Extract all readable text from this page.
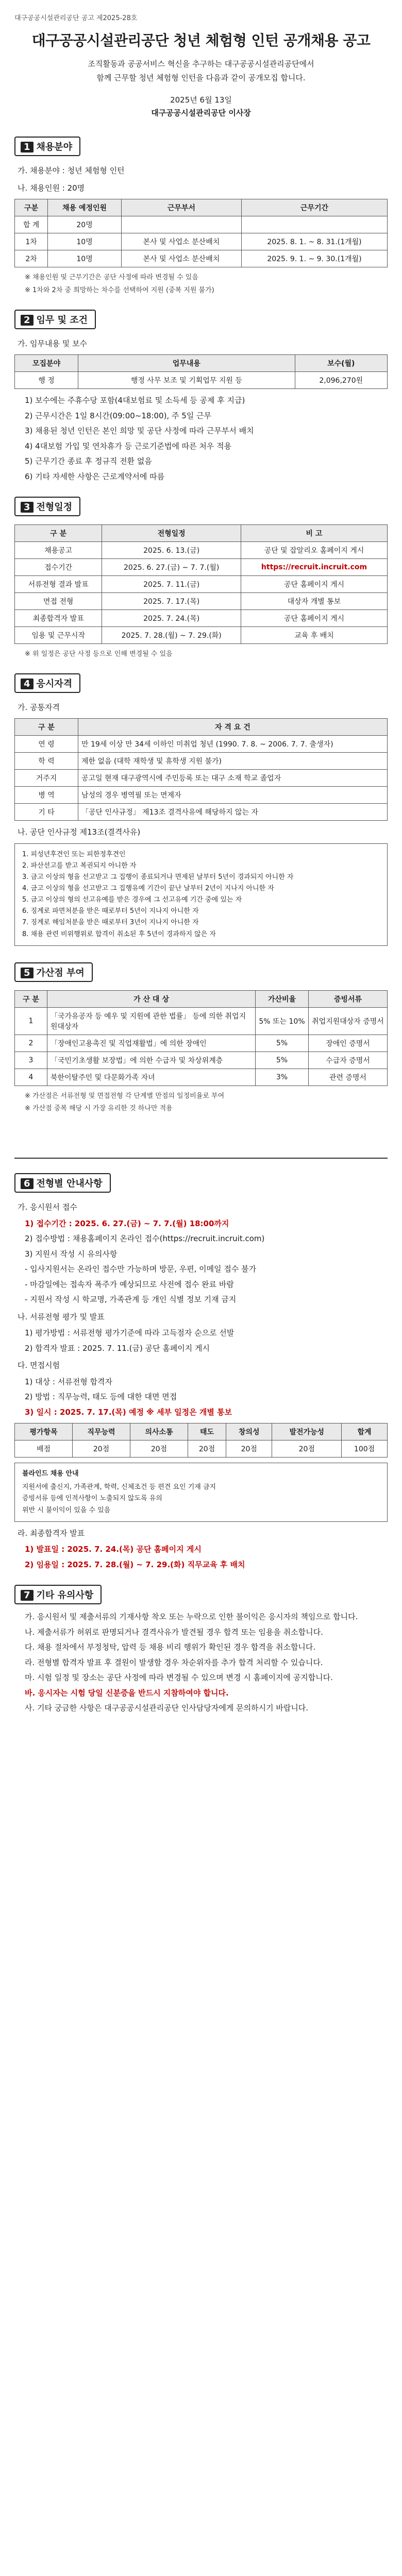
대구공공시설관리공단 공고 제2025-28호
대구공공시설관리공단 청년 체험형 인턴 공개채용 공고
조직활동과 공공서비스 혁신을 추구하는 대구공공시설관리공단에서
함께 근무할 청년 체험형 인턴을 다음과 같이 공개모집 합니다.
2025년 6월 13일
대구공공시설관리공단 이사장
1 채용분야
가. 채용분야 : 청년 체험형 인턴
나. 채용인원 : 20명
구분	채용 예정인원	근무부서	근무기간
합 계	20명		
1차	10명	본사 및 사업소 분산배치	2025. 8. 1. ~ 8. 31.(1개월)
2차	10명	본사 및 사업소 분산배치	2025. 9. 1. ~ 9. 30.(1개월)
※ 채용인원 및 근무기간은 공단 사정에 따라 변경될 수 있음
※ 1차와 2차 중 희망하는 차수를 선택하여 지원 (중복 지원 불가)
2 임무 및 조건
가. 임무내용 및 보수
모집분야	업무내용	보수(월)
행 정	행정 사무 보조 및 기획업무 지원 등	2,096,270원
1) 보수에는 주휴수당 포함(4대보험료 및 소득세 등 공제 후 지급)
2) 근무시간은 1일 8시간(09:00~18:00), 주 5일 근무
3) 채용된 청년 인턴은 본인 희망 및 공단 사정에 따라 근무부서 배치
4) 4대보험 가입 및 연차휴가 등 근로기준법에 따른 처우 적용
5) 근무기간 종료 후 정규직 전환 없음
6) 기타 자세한 사항은 근로계약서에 따름
3 전형일정
구 분	전형일정	비 고
채용공고	2025. 6. 13.(금)	공단 및 잡알리오 홈페이지 게시
접수기간	2025. 6. 27.(금) ~ 7. 7.(월)	https://recruit.incruit.com
서류전형 결과 발표	2025. 7. 11.(금)	공단 홈페이지 게시
면접 전형	2025. 7. 17.(목)	대상자 개별 통보
최종합격자 발표	2025. 7. 24.(목)	공단 홈페이지 게시
임용 및 근무시작	2025. 7. 28.(월) ~ 7. 29.(화)	교육 후 배치
※ 위 일정은 공단 사정 등으로 인해 변경될 수 있음
4 응시자격
가. 공통자격
구 분	자 격 요 건
연 령	만 19세 이상 만 34세 이하인 미취업 청년 (1990. 7. 8. ~ 2006. 7. 7. 출생자)
학 력	제한 없음 (대학 재학생 및 휴학생 지원 불가)
거주지	공고일 현재 대구광역시에 주민등록 또는 대구 소재 학교 졸업자
병 역	남성의 경우 병역필 또는 면제자
기 타	「공단 인사규정」 제13조 결격사유에 해당하지 않는 자
나. 공단 인사규정 제13조(결격사유)
1. 피성년후견인 또는 피한정후견인
2. 파산선고를 받고 복권되지 아니한 자
3. 금고 이상의 형을 선고받고 그 집행이 종료되거나 면제된 날부터 5년이 경과되지 아니한 자
4. 금고 이상의 형을 선고받고 그 집행유예 기간이 끝난 날부터 2년이 지나지 아니한 자
5. 금고 이상의 형의 선고유예를 받은 경우에 그 선고유예 기간 중에 있는 자
6. 징계로 파면처분을 받은 때로부터 5년이 지나지 아니한 자
7. 징계로 해임처분을 받은 때로부터 3년이 지나지 아니한 자
8. 채용 관련 비위행위로 합격이 취소된 후 5년이 경과하지 않은 자
5 가산점 부여
구 분	가 산 대 상	가산비율	증빙서류
1	「국가유공자 등 예우 및 지원에 관한 법률」 등에 의한 취업지원대상자	5% 또는 10%	취업지원대상자 증명서
2	「장애인고용촉진 및 직업재활법」에 의한 장애인	5%	장애인 증명서
3	「국민기초생활 보장법」에 의한 수급자 및 차상위계층	5%	수급자 증명서
4	북한이탈주민 및 다문화가족 자녀	3%	관련 증명서
※ 가산점은 서류전형 및 면접전형 각 단계별 만점의 일정비율로 부여
※ 가산점 중복 해당 시 가장 유리한 것 하나만 적용
6 전형별 안내사항
가. 응시원서 접수
1) 접수기간 : 2025. 6. 27.(금) ~ 7. 7.(월) 18:00까지
2) 접수방법 : 채용홈페이지 온라인 접수(https://recruit.incruit.com)
3) 지원서 작성 시 유의사항
- 입사지원서는 온라인 접수만 가능하며 방문, 우편, 이메일 접수 불가
- 마감일에는 접속자 폭주가 예상되므로 사전에 접수 완료 바람
- 지원서 작성 시 학교명, 가족관계 등 개인 식별 정보 기재 금지
나. 서류전형 평가 및 발표
1) 평가방법 : 서류전형 평가기준에 따라 고득점자 순으로 선발
2) 합격자 발표 : 2025. 7. 11.(금) 공단 홈페이지 게시
다. 면접시험
1) 대상 : 서류전형 합격자
2) 방법 : 직무능력, 태도 등에 대한 대면 면접
3) 일시 : 2025. 7. 17.(목) 예정 ※ 세부 일정은 개별 통보
평가항목	직무능력	의사소통	태도	창의성	발전가능성	합계
배점	20점	20점	20점	20점	20점	100점
블라인드 채용 안내
지원서에 출신지, 가족관계, 학력, 신체조건 등 편견 요인 기재 금지
증빙서류 등에 인적사항이 노출되지 않도록 유의
위반 시 불이익이 있을 수 있음
라. 최종합격자 발표
1) 발표일 : 2025. 7. 24.(목) 공단 홈페이지 게시
2) 임용일 : 2025. 7. 28.(월) ~ 7. 29.(화) 직무교육 후 배치
7 기타 유의사항
가. 응시원서 및 제출서류의 기재사항 착오 또는 누락으로 인한 불이익은 응시자의 책임으로 합니다.
나. 제출서류가 허위로 판명되거나 결격사유가 발견될 경우 합격 또는 임용을 취소합니다.
다. 채용 절차에서 부정청탁, 압력 등 채용 비리 행위가 확인된 경우 합격을 취소합니다.
라. 전형별 합격자 발표 후 결원이 발생할 경우 차순위자를 추가 합격 처리할 수 있습니다.
마. 시험 일정 및 장소는 공단 사정에 따라 변경될 수 있으며 변경 시 홈페이지에 공지합니다.
바. 응시자는 시험 당일 신분증을 반드시 지참하여야 합니다.
사. 기타 궁금한 사항은 대구공공시설관리공단 인사담당자에게 문의하시기 바랍니다.
